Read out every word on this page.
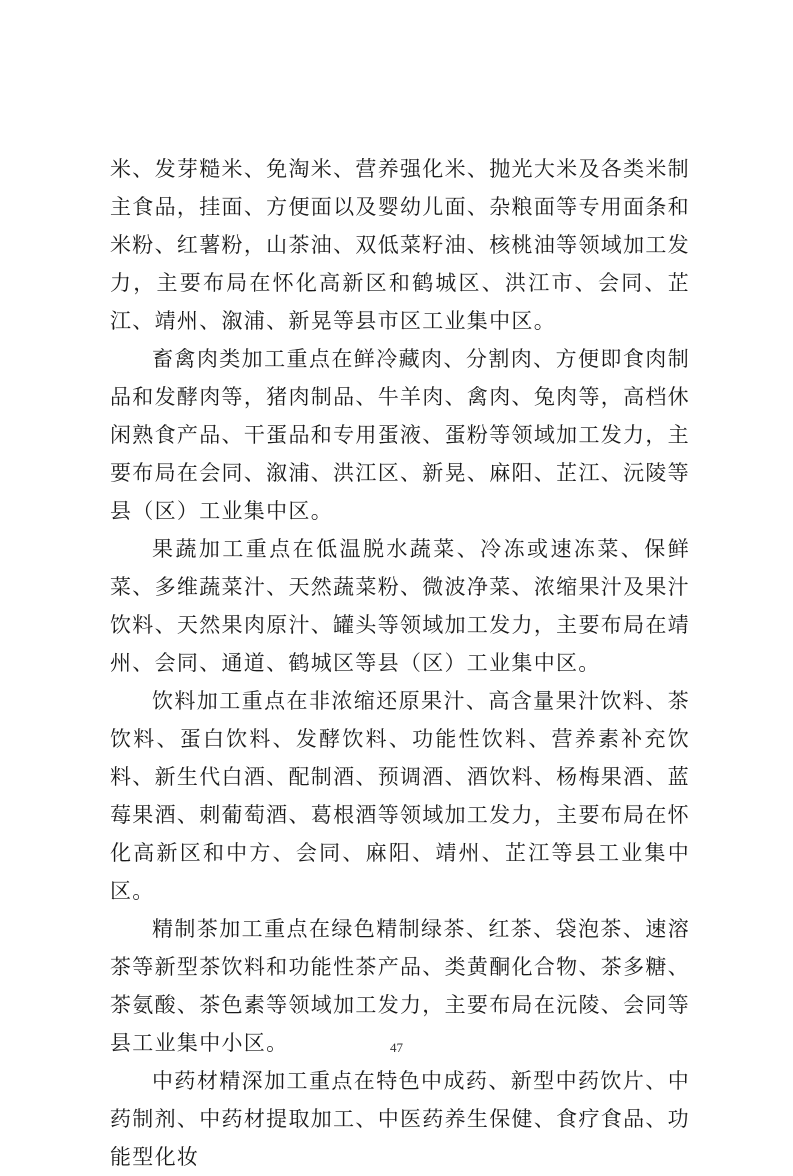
米、发芽糙米、免淘米、营养强化米、抛光大米及各类米制主食品，挂面、方便面以及婴幼儿面、杂粮面等专用面条和米粉、红薯粉，山茶油、双低菜籽油、核桃油等领域加工发力，主要布局在怀化高新区和鹤城区、洪江市、会同、芷江、靖州、溆浦、新晃等县市区工业集中区。

畜禽肉类加工重点在鲜冷藏肉、分割肉、方便即食肉制品和发酵肉等，猪肉制品、牛羊肉、禽肉、兔肉等，高档休闲熟食产品、干蛋品和专用蛋液、蛋粉等领域加工发力，主要布局在会同、溆浦、洪江区、新晃、麻阳、芷江、沅陵等县（区）工业集中区。

果蔬加工重点在低温脱水蔬菜、冷冻或速冻菜、保鲜菜、多维蔬菜汁、天然蔬菜粉、微波净菜、浓缩果汁及果汁饮料、天然果肉原汁、罐头等领域加工发力，主要布局在靖州、会同、通道、鹤城区等县（区）工业集中区。

饮料加工重点在非浓缩还原果汁、高含量果汁饮料、茶饮料、蛋白饮料、发酵饮料、功能性饮料、营养素补充饮料、新生代白酒、配制酒、预调酒、酒饮料、杨梅果酒、蓝莓果酒、刺葡萄酒、葛根酒等领域加工发力，主要布局在怀化高新区和中方、会同、麻阳、靖州、芷江等县工业集中区。

精制茶加工重点在绿色精制绿茶、红茶、袋泡茶、速溶茶等新型茶饮料和功能性茶产品、类黄酮化合物、茶多糖、茶氨酸、茶色素等领域加工发力，主要布局在沅陵、会同等县工业集中小区。

中药材精深加工重点在特色中成药、新型中药饮片、中药制剂、中药材提取加工、中医药养生保健、食疗食品、功能型化妆

47
